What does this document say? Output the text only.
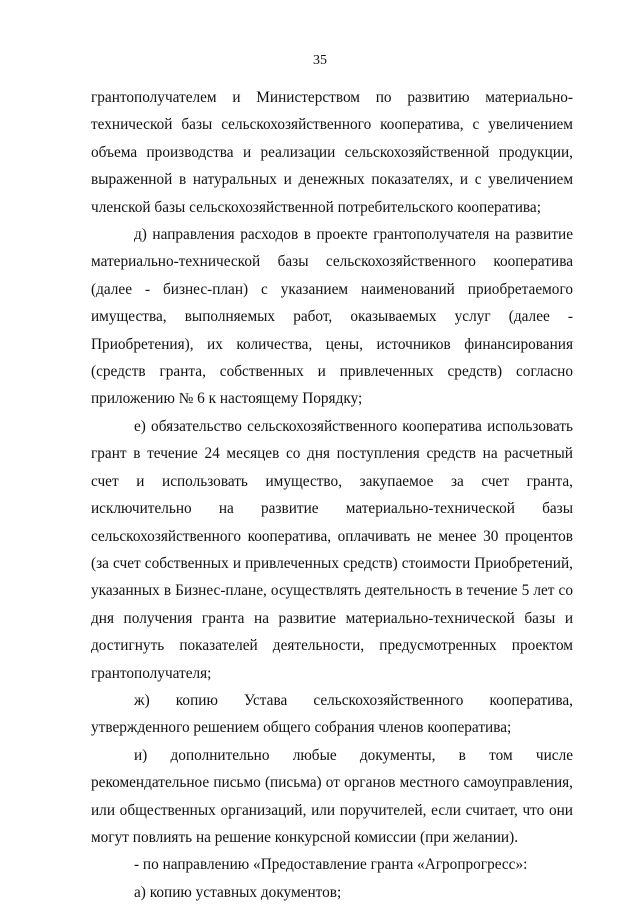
35

грантополучателем и Министерством по развитию материально-технической базы сельскохозяйственного кооператива, с увеличением объема производства и реализации сельскохозяйственной продукции, выраженной в натуральных и денежных показателях, и с увеличением членской базы сельскохозяйственной потребительского кооператива;

д) направления расходов в проекте грантополучателя на развитие материально-технической базы сельскохозяйственного кооператива (далее - бизнес-план) с указанием наименований приобретаемого имущества, выполняемых работ, оказываемых услуг (далее - Приобретения), их количества, цены, источников финансирования (средств гранта, собственных и привлеченных средств) согласно приложению № 6 к настоящему Порядку;

е) обязательство сельскохозяйственного кооператива использовать грант в течение 24 месяцев со дня поступления средств на расчетный счет и использовать имущество, закупаемое за счет гранта, исключительно на развитие материально-технической базы сельскохозяйственного кооператива, оплачивать не менее 30 процентов (за счет собственных и привлеченных средств) стоимости Приобретений, указанных в Бизнес-плане, осуществлять деятельность в течение 5 лет со дня получения гранта на развитие материально-технической базы и достигнуть показателей деятельности, предусмотренных проектом грантополучателя;

ж) копию Устава сельскохозяйственного кооператива, утвержденного решением общего собрания членов кооператива;

и) дополнительно любые документы, в том числе рекомендательное письмо (письма) от органов местного самоуправления, или общественных организаций, или поручителей, если считает, что они могут повлиять на решение конкурсной комиссии (при желании).

- по направлению «Предоставление гранта «Агропрогресс»:

а) копию уставных документов;
